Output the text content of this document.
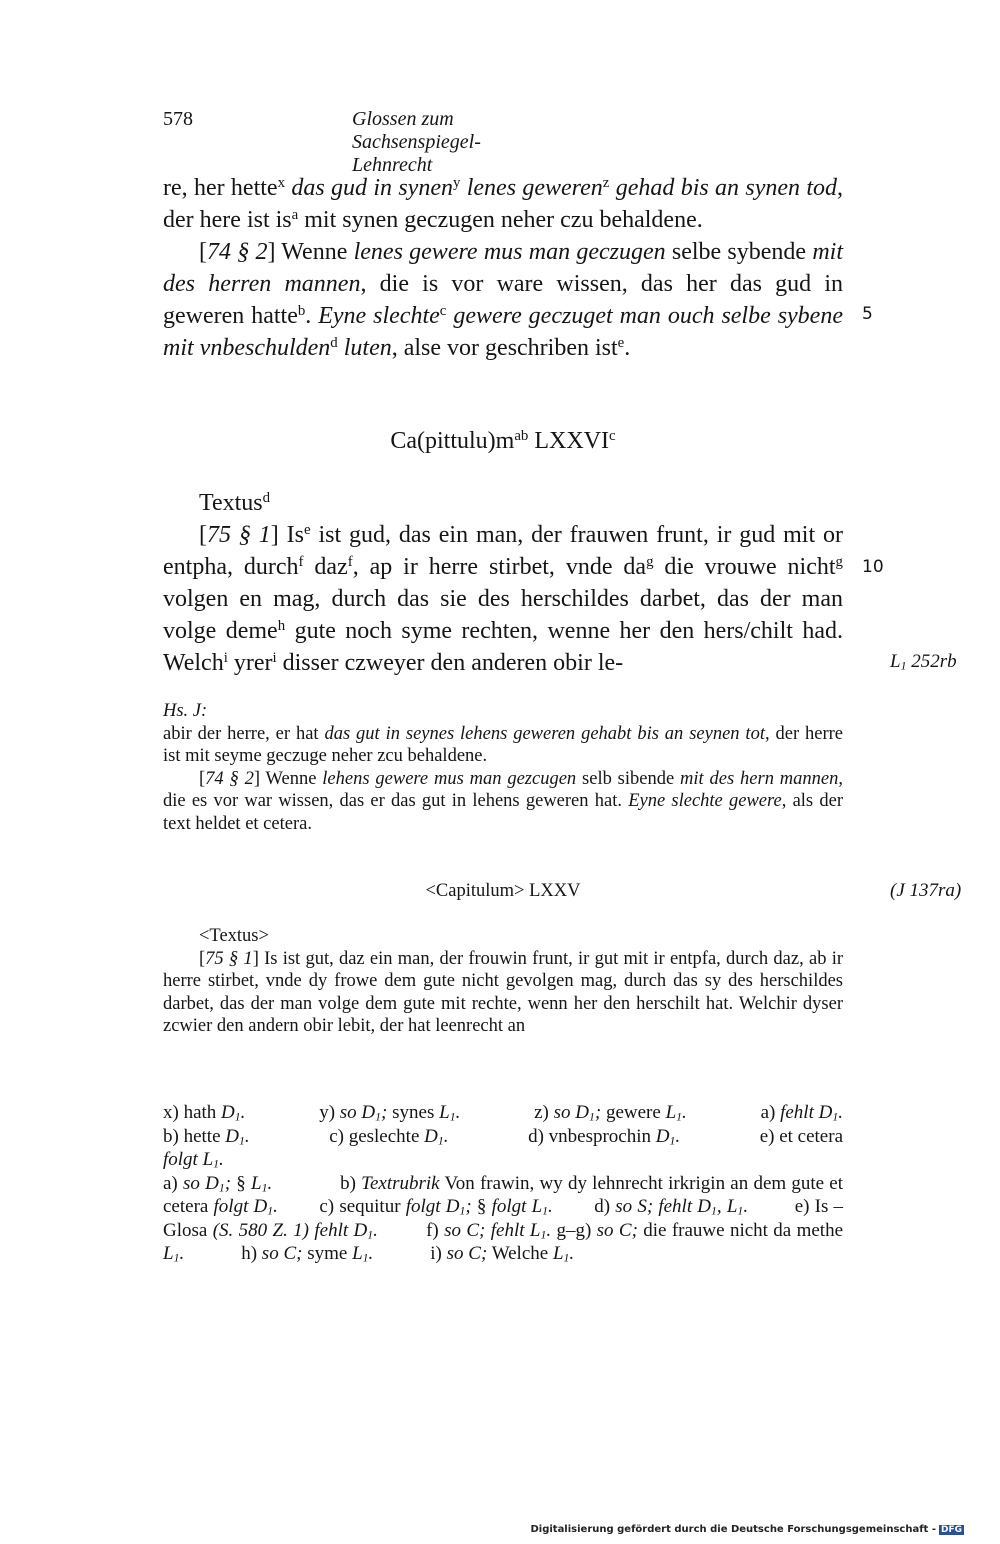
578	Glossen zum Sachsenspiegel-Lehnrecht

re, her hette$^x$ das gud in synen$^y$ lenes geweren$^z$ gehad bis an synen tod, der here ist $is^a$ mit synen geczugen neher czu behaldene.

[74 § 2] Wenne lenes gewere mus man geczugen selbe sybende mit des herren mannen, die is vor ware wissen, das her das gud in geweren hatte$^b$. Eyne slechte$^c$ gewere geczuget man ouch selbe sybene mit vnbeschulden$^d$ luten, alse vor geschriben ist$^e$.

5
$Ca(pittulu)m^{ab}$ LXXVI$^c$

Textus$^d$

[75 § 1] Is$^e$ ist gud, das ein man, der frauwen frunt, ir gud mit or entpha, durch$^f$ daz$^f$, ap ir herre stirbet, vnde $da^g$ die vrouwe nicht$^g$ volgen en mag, durch das sie des herschildes darbet, das der man volge deme$^h$ gute noch syme rechten, wenne her den hers/chilt had. Welch$^i$ yrer$^i$ disser czweyer den anderen obir le-

10
$L_1$ 252rb

Hs. J:

abir der herre, er hat das gut in seynes lehens geweren gehabt bis an seynen tot, der herre ist mit seyme geczuge neher zcu behaldene.

[74 § 2] Wenne lehens gewere mus man gezcugen selb sibende mit des hern mannen, die es vor war wissen, das er das gut in lehens geweren hat. Eyne slechte gewere, als der text heldet et cetera.

<Capitulum> LXXV	(J 137ra)

<Textus>

[75 § 1] Is ist gut, daz ein man, der frouwin frunt, ir gut mit ir entpfa, durch daz, ab ir herre stirbet, vnde dy frowe dem gute nicht gevolgen mag, durch das sy des herschildes darbet, das der man volge dem gute mit rechte, wenn her den herschilt hat. Welchir dyser zcwier den andern obir lebit, der hat leenrecht an

x) hath $D_1$.	y) so $D_1$; synes $L_1$.	z) so $D_1$; gewere $L_1$.	a) fehlt $D_1$.
b) hette $D_1$.	c) geslechte $D_1$.	d) vnbesprochin $D_1$.	e) et cetera

folgt $L_1$.

a) so $D_1$; § $L_1$.             b) Textrubrik Von frawin, wy dy lehnrecht irkrigin an dem gute et cetera folgt $D_1$.        c) sequitur folgt $D_1$; § folgt $L_1$.        d) so S; fehlt $D_1$, $L_1$.         e) Is – Glosa (S. 580 Z. 1) fehlt $D_1$.         f) so C; fehlt $L_1$. g–g) so C; die frauwe nicht da methe $L_1$.            h) so C; syme $L_1$.            i) so C; Welche $L_1$.

Digitalisierung gefördert durch die Deutsche Forschungsgemeinschaft - DFG
